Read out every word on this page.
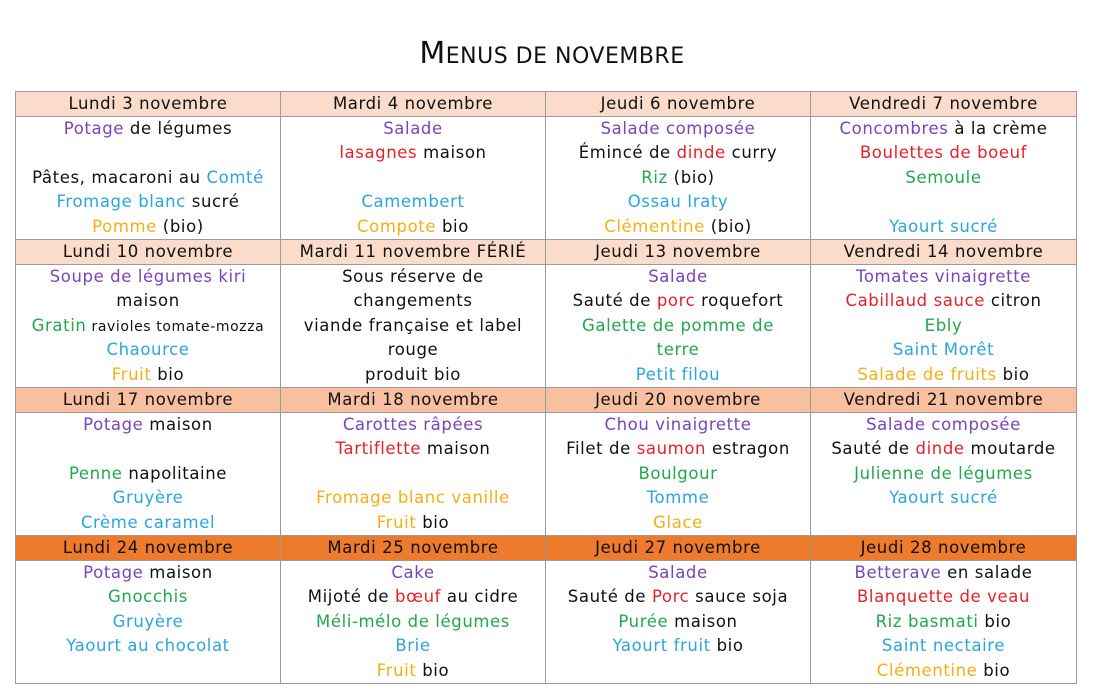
MENUS DE NOVEMBRE
Lundi 3 novembre	Mardi 4 novembre	Jeudi 6 novembre	Vendredi 7 novembre

Potage de légumes

Pâtes, macaroni au Comté
Fromage blanc sucré
Pomme (bio)	Salade
lasagnes maison

Camembert
Compote bio	Salade composée
Émincé de dinde curry
Riz (bio)
Ossau Iraty
Clémentine (bio)	Concombres à la crème
Boulettes de boeuf
Semoule

Yaourt sucré

Lundi 10 novembre	Mardi 11 novembre FÉRIÉ	Jeudi 13 novembre	Vendredi 14 novembre

Soupe de légumes kiri
maison
Gratin ravioles tomate-mozza
Chaource
Fruit bio	Sous réserve de
changements
viande française et label
rouge
produit bio	Salade
Sauté de porc roquefort
Galette de pomme de
terre
Petit filou	Tomates vinaigrette
Cabillaud sauce citron
Ebly
Saint Morêt
Salade de fruits bio

Lundi 17 novembre	Mardi 18 novembre	Jeudi 20 novembre	Vendredi 21 novembre

Potage maison

Penne napolitaine
Gruyère
Crème caramel	Carottes râpées
Tartiflette maison

Fromage blanc vanille
Fruit bio	Chou vinaigrette
Filet de saumon estragon
Boulgour
Tomme
Glace	Salade composée
Sauté de dinde moutarde
Julienne de légumes
Yaourt sucré

Lundi 24 novembre	Mardi 25 novembre	Jeudi 27 novembre	Jeudi 28 novembre

Potage maison
Gnocchis
Gruyère
Yaourt au chocolat	Cake
Mijoté de bœuf au cidre
Méli-mélo de légumes
Brie
Fruit bio	Salade
Sauté de Porc sauce soja
Purée maison
Yaourt fruit bio	Betterave en salade
Blanquette de veau
Riz basmati bio
Saint nectaire
Clémentine bio
